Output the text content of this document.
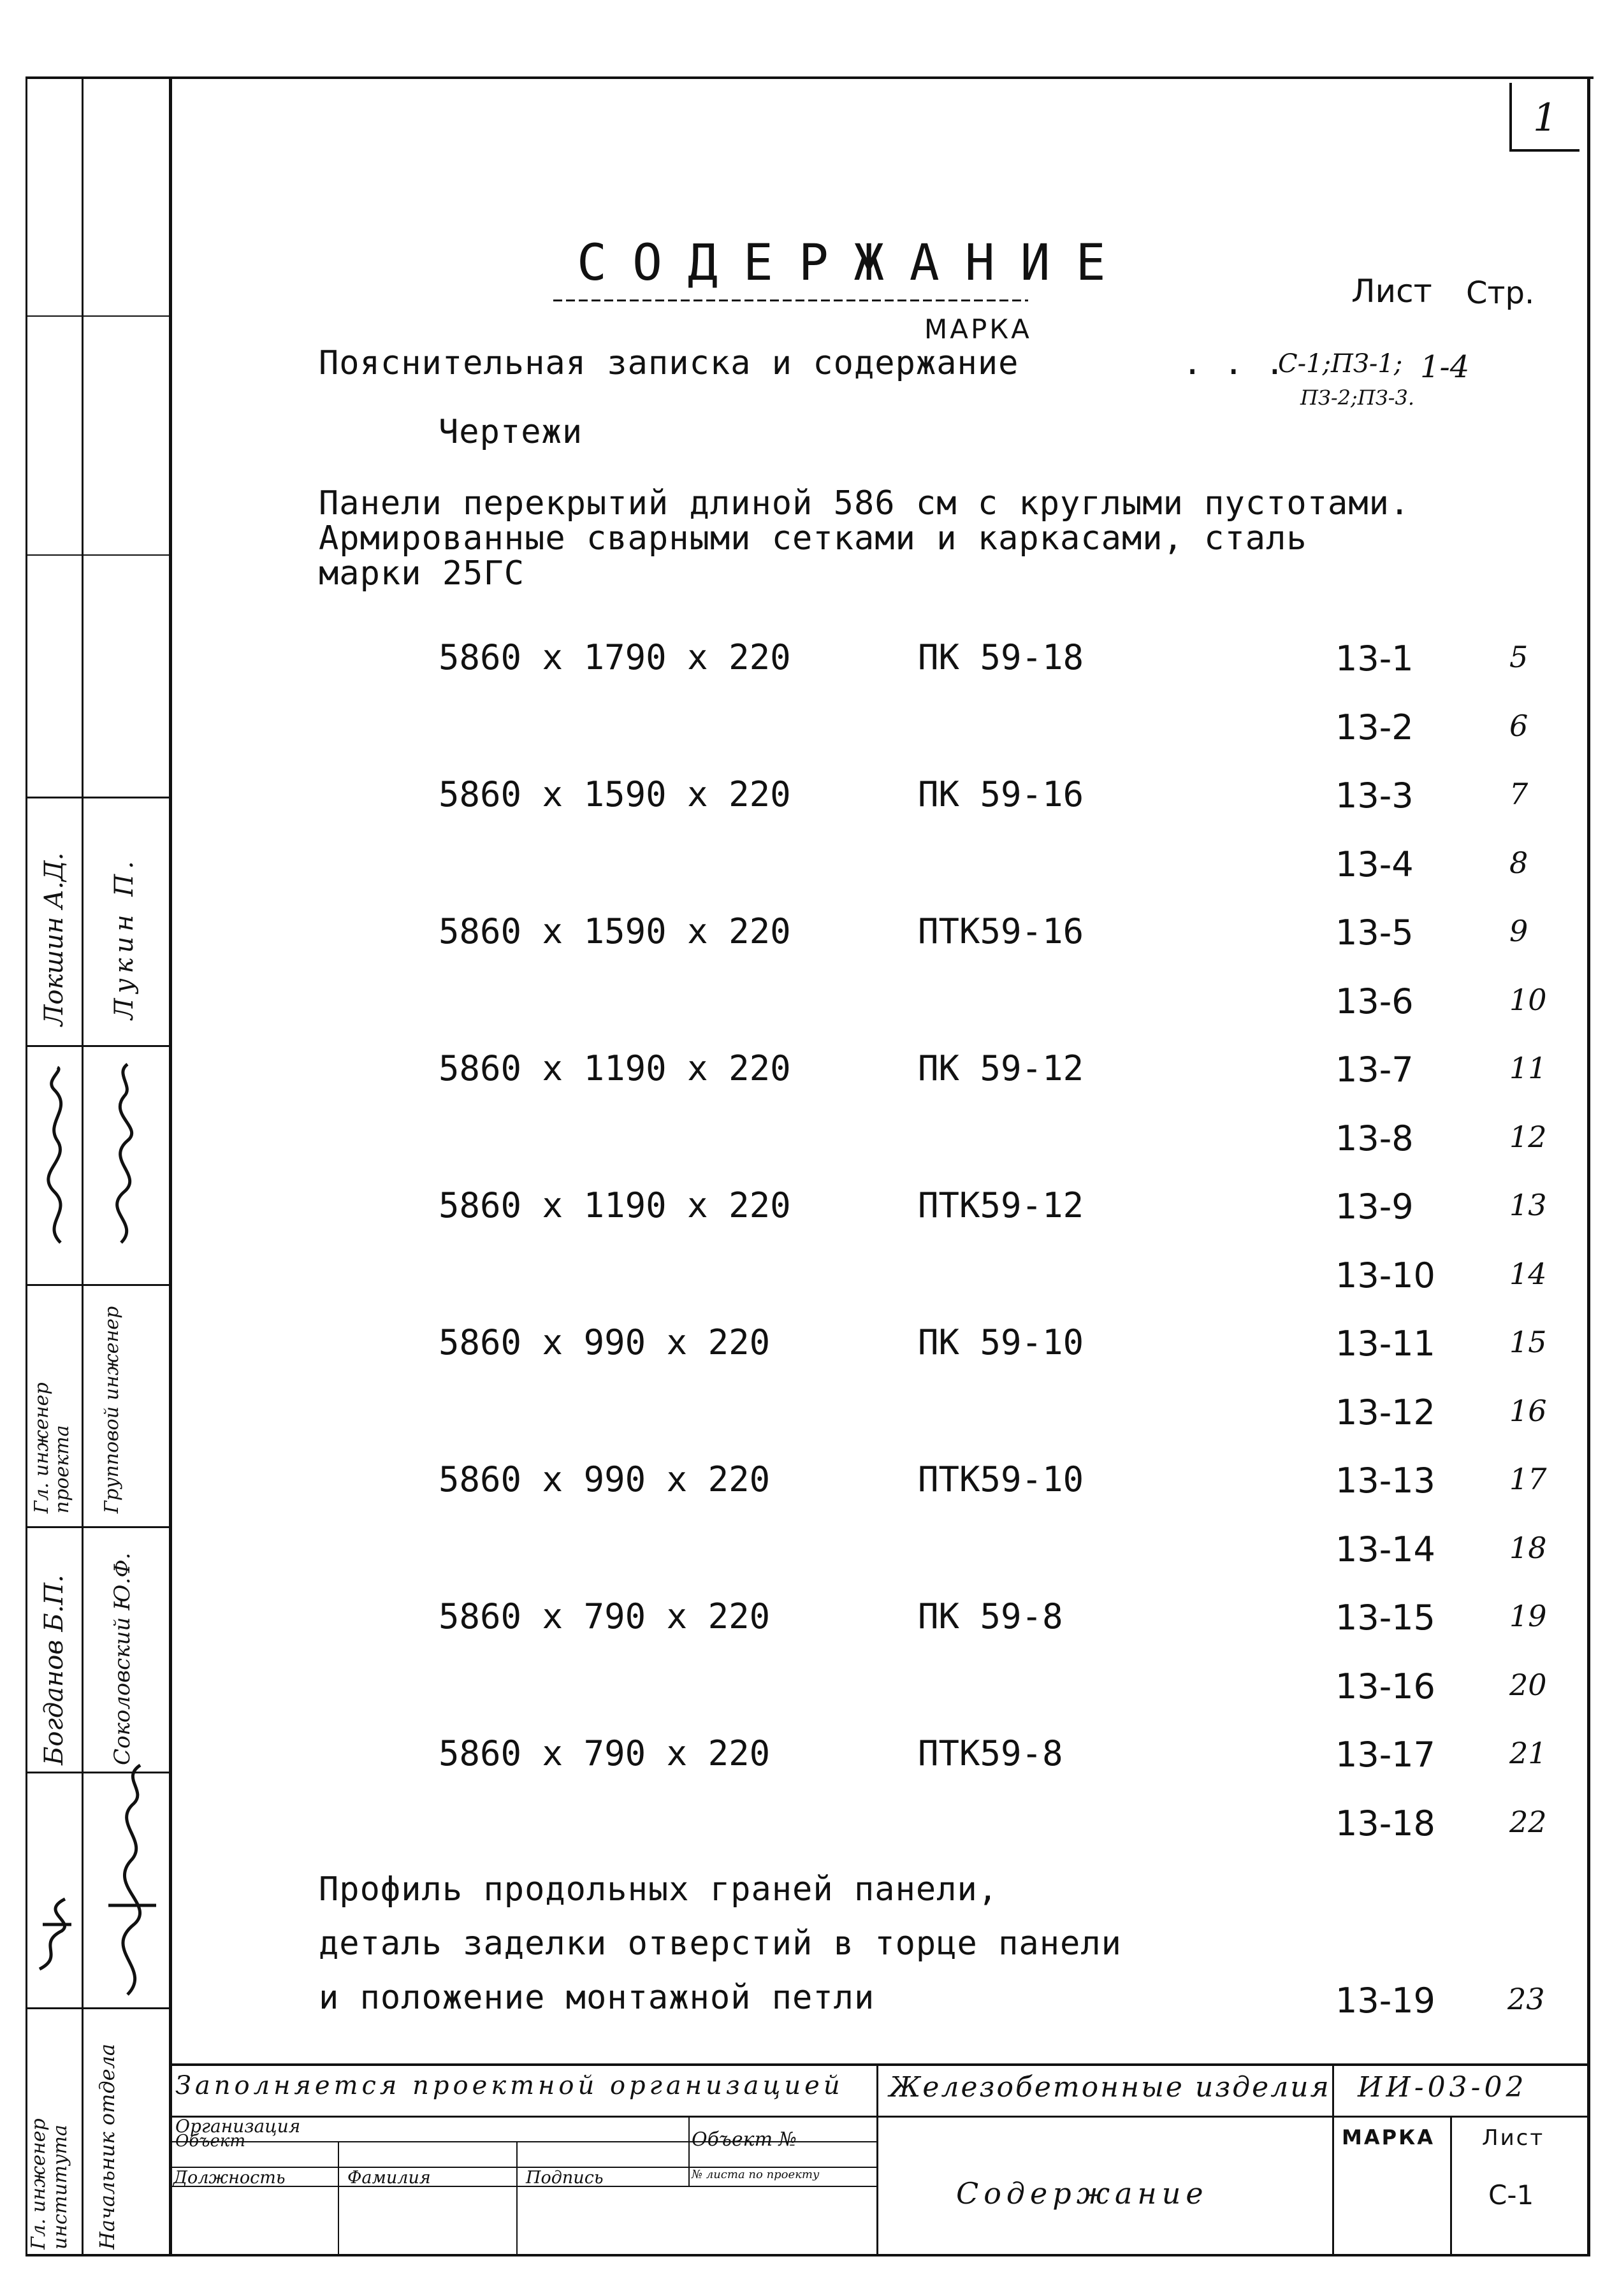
Локшин А.Д. Лукин П.
Гл. инженер проекта Групповой инженер
Богданов Б.П. Соколовский Ю.Ф.
Гл. инженер института Начальник отдела
1
СОДЕРЖАНИЕ	Лист Стр.
МАРКА
Пояснительная записка и содержание	. . .
С-1;ПЗ-1; 1-4
ПЗ-2;ПЗ-3.
Чертежи
Панели перекрытий длиной 586 см с круглыми пустотами.
Армированные сварными сетками и каркасами, сталь
марки 25ГС
5860 x 1790 x 220	ПК 59-18	13-1	5
13-2	6
5860 x 1590 x 220	ПК 59-16	13-3	7
13-4	8
5860 x 1590 x 220	ПТК59-16	13-5	9
13-6	10
5860 x 1190 x 220	ПК 59-12	13-7	11
13-8	12
5860 x 1190 x 220	ПТК59-12	13-9	13
13-10	14
5860 x 990 x 220	ПК 59-10	13-11	15
13-12	16
5860 x 990 x 220	ПТК59-10	13-13	17
13-14	18
5860 x 790 x 220	ПК 59-8	13-15	19
13-16	20
5860 x 790 x 220	ПТК59-8	13-17	21
13-18	22
Профиль продольных граней панели,
деталь заделки отверстий в торце панели
и положение монтажной петли	13-19 23
Заполняется проектной организацией Железобетонные изделия ИИ-03-02
Организация
Объект	Объект №
Должность	Фамилия	Подпись	№ листа по проекту
Содержание
МАРКА Лист
С-1
